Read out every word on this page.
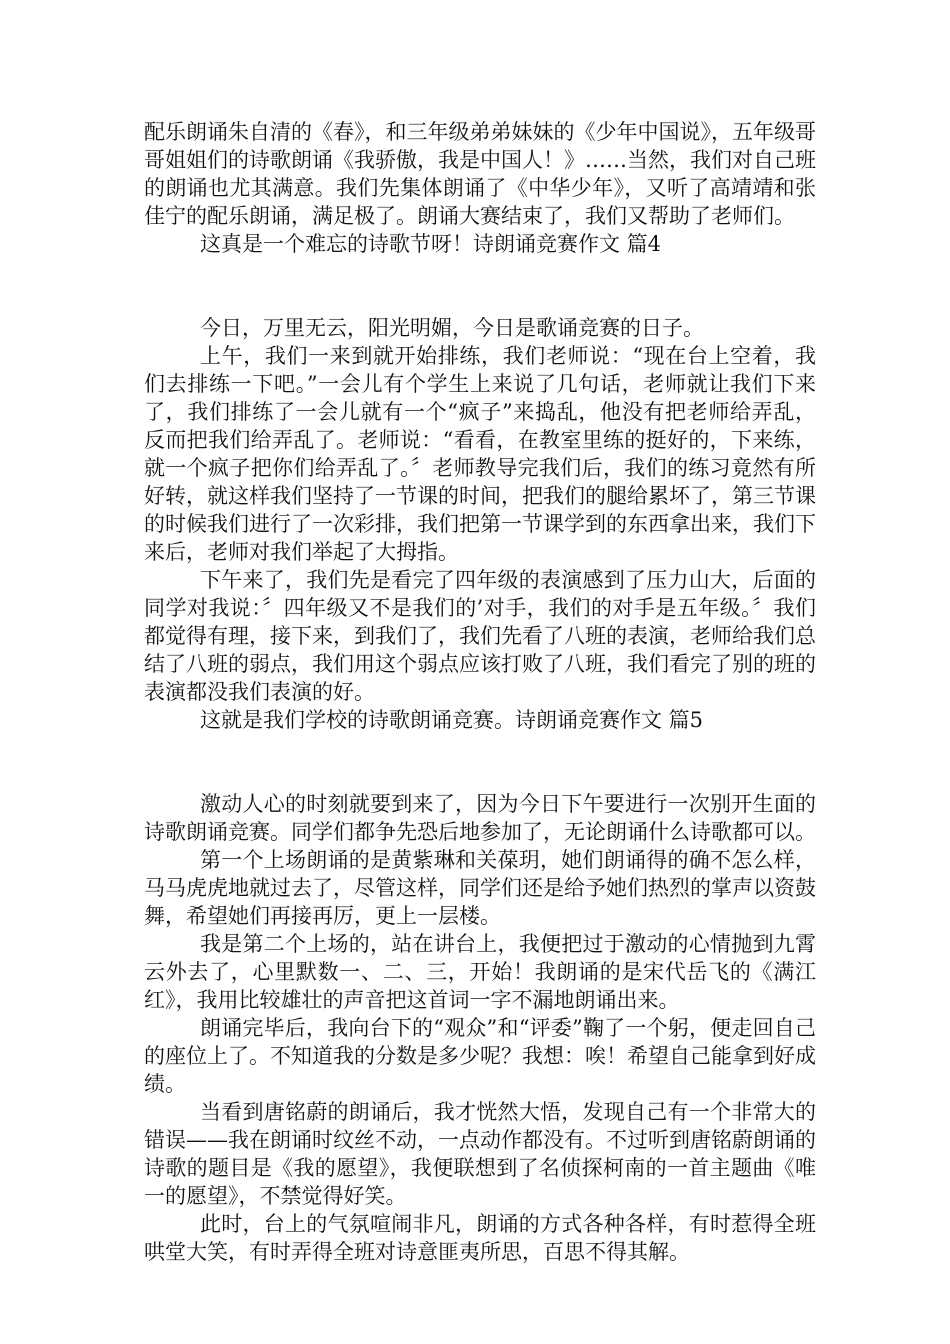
配乐朗诵朱自清的《春》，和三年级弟弟妹妹的《少年中国说》，五年级哥哥姐姐们的诗歌朗诵《我骄傲，我是中国人！》……当然，我们对自己班的朗诵也尤其满意。我们先集体朗诵了《中华少年》，又听了高靖靖和张佳宁的配乐朗诵，满足极了。朗诵大赛结束了，我们又帮助了老师们。

这真是一个难忘的诗歌节呀！诗朗诵竞赛作文 篇4

今日，万里无云，阳光明媚，今日是歌诵竞赛的日子。

上午，我们一来到就开始排练，我们老师说：“现在台上空着，我们去排练一下吧。”一会儿有个学生上来说了几句话，老师就让我们下来了，我们排练了一会儿就有一个“疯子”来捣乱，他没有把老师给弄乱，反而把我们给弄乱了。老师说：“看看，在教室里练的挺好的，下来练，就一个疯子把你们给弄乱了。〞老师教导完我们后，我们的练习竟然有所好转，就这样我们坚持了一节课的时间，把我们的腿给累坏了，第三节课的时候我们进行了一次彩排，我们把第一节课学到的东西拿出来，我们下来后，老师对我们举起了大拇指。

下午来了，我们先是看完了四年级的表演感到了压力山大，后面的同学对我说：〞四年级又不是我们的’对手，我们的对手是五年级。〞我们都觉得有理，接下来，到我们了，我们先看了八班的表演，老师给我们总结了八班的弱点，我们用这个弱点应该打败了八班，我们看完了别的班的表演都没我们表演的好。

这就是我们学校的诗歌朗诵竞赛。诗朗诵竞赛作文 篇5

激动人心的时刻就要到来了，因为今日下午要进行一次别开生面的诗歌朗诵竞赛。同学们都争先恐后地参加了，无论朗诵什么诗歌都可以。

第一个上场朗诵的是黄紫琳和关葆玥，她们朗诵得的确不怎么样，马马虎虎地就过去了，尽管这样，同学们还是给予她们热烈的掌声以资鼓舞，希望她们再接再厉，更上一层楼。

我是第二个上场的，站在讲台上，我便把过于激动的心情抛到九霄云外去了，心里默数一、二、三，开始！我朗诵的是宋代岳飞的《满江红》，我用比较雄壮的声音把这首词一字不漏地朗诵出来。

朗诵完毕后，我向台下的“观众”和“评委”鞠了一个躬，便走回自己的座位上了。不知道我的分数是多少呢？我想：唉！希望自己能拿到好成绩。

当看到唐铭蔚的朗诵后，我才恍然大悟，发现自己有一个非常大的错误——我在朗诵时纹丝不动，一点动作都没有。不过听到唐铭蔚朗诵的诗歌的题目是《我的愿望》，我便联想到了名侦探柯南的一首主题曲《唯一的愿望》，不禁觉得好笑。

此时，台上的气氛喧闹非凡，朗诵的方式各种各样，有时惹得全班哄堂大笑，有时弄得全班对诗意匪夷所思，百思不得其解。
